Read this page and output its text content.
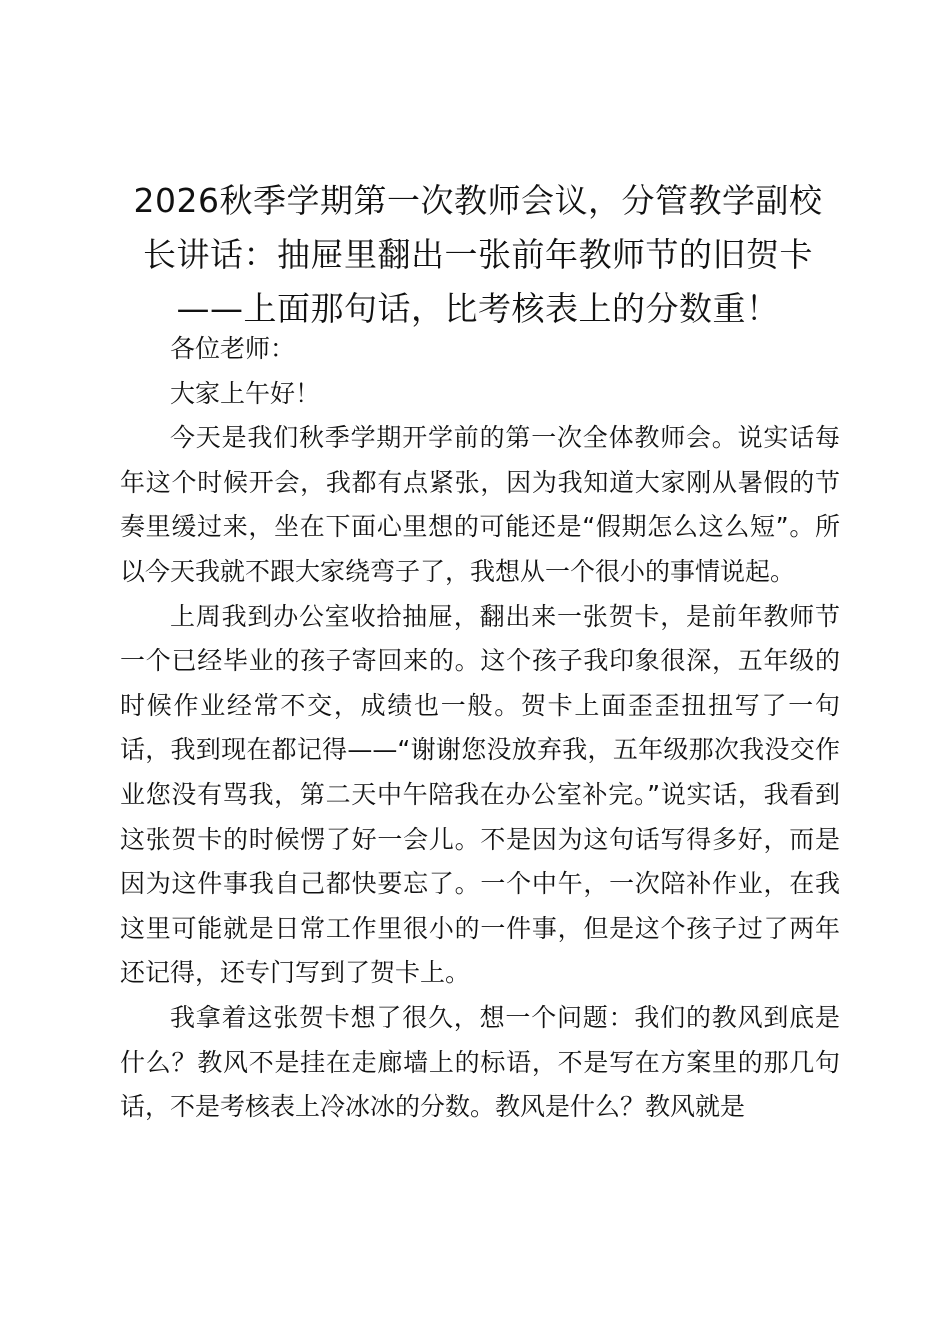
2026秋季学期第一次教师会议，分管教学副校长讲话：抽屉里翻出一张前年教师节的旧贺卡——上面那句话，比考核表上的分数重！

各位老师：

大家上午好！

今天是我们秋季学期开学前的第一次全体教师会。说实话每年这个时候开会，我都有点紧张，因为我知道大家刚从暑假的节奏里缓过来，坐在下面心里想的可能还是“假期怎么这么短”。所以今天我就不跟大家绕弯子了，我想从一个很小的事情说起。

上周我到办公室收拾抽屉，翻出来一张贺卡，是前年教师节一个已经毕业的孩子寄回来的。这个孩子我印象很深，五年级的时候作业经常不交，成绩也一般。贺卡上面歪歪扭扭写了一句话，我到现在都记得——“谢谢您没放弃我，五年级那次我没交作业您没有骂我，第二天中午陪我在办公室补完。”说实话，我看到这张贺卡的时候愣了好一会儿。不是因为这句话写得多好，而是因为这件事我自己都快要忘了。一个中午，一次陪补作业，在我这里可能就是日常工作里很小的一件事，但是这个孩子过了两年还记得，还专门写到了贺卡上。

我拿着这张贺卡想了很久，想一个问题：我们的教风到底是什么？教风不是挂在走廊墙上的标语，不是写在方案里的那几句话，不是考核表上冷冰冰的分数。教风是什么？教风就是
